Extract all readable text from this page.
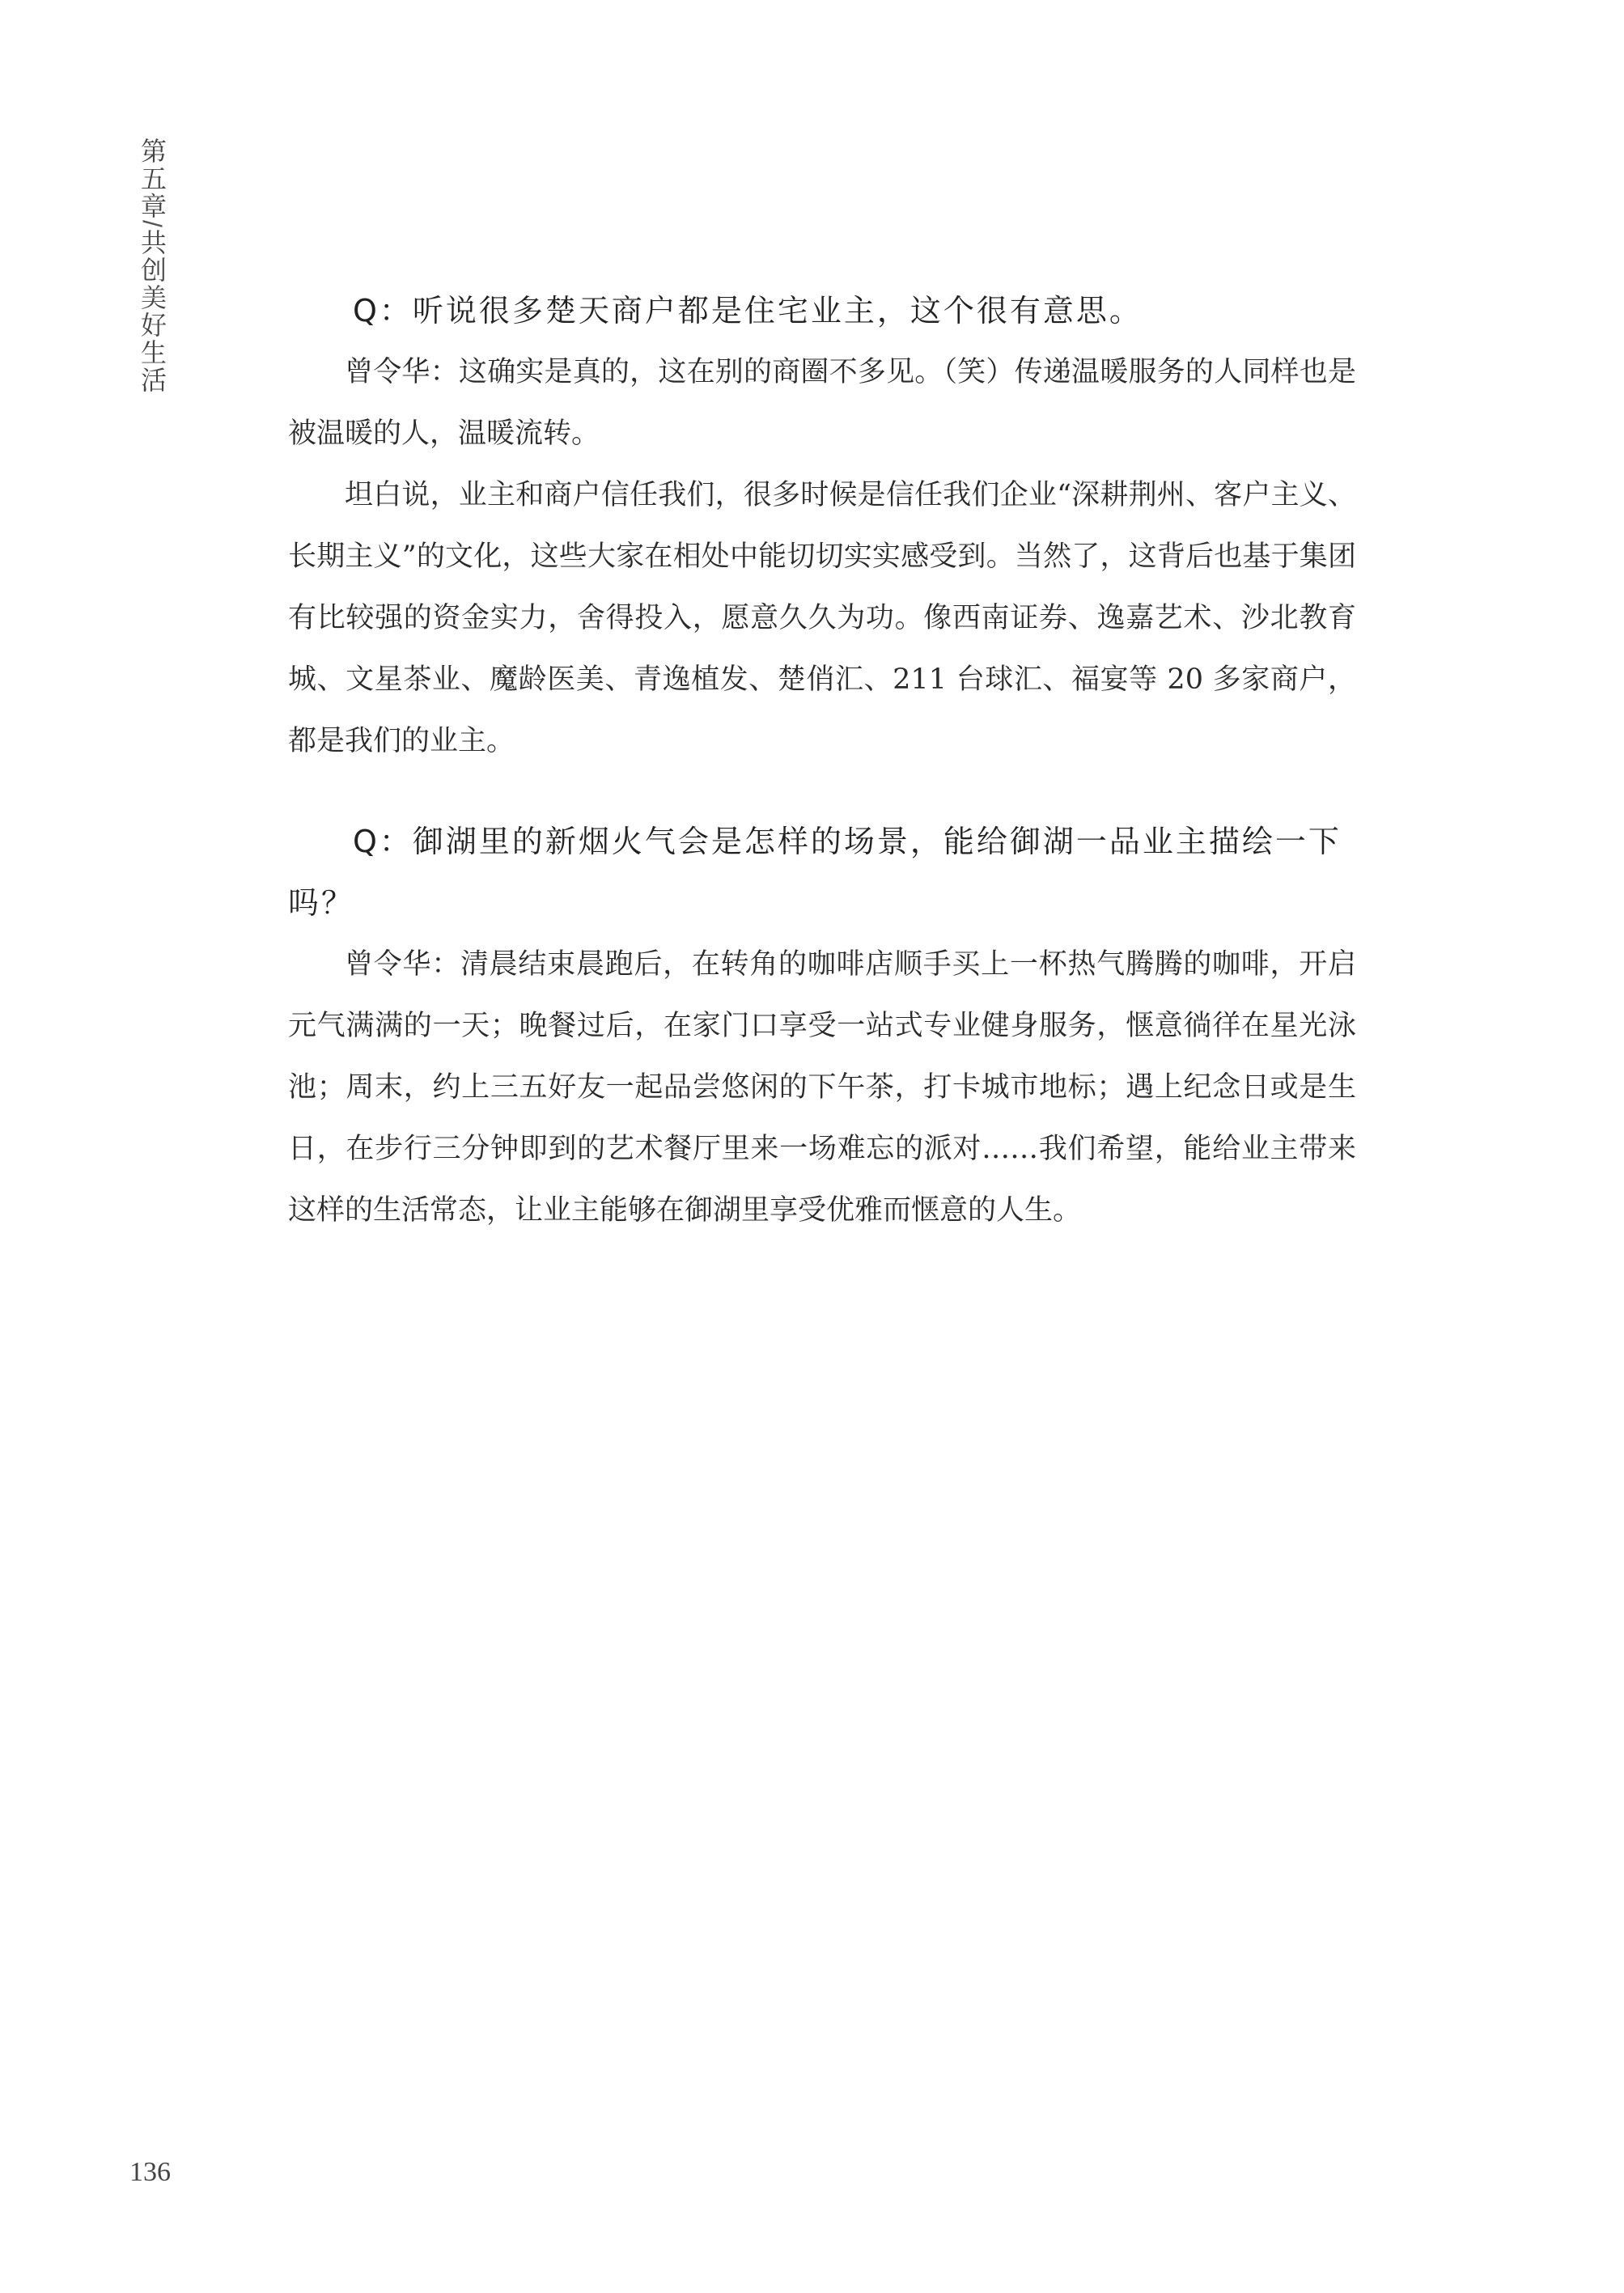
第五章/共创美好生活	Q：听说很多楚天商户都是住宅业主，这个很有意思。

曾令华：这确实是真的，这在别的商圈不多见。（笑）传递温暖服务的人同样也是被温暖的人，温暖流转。

坦白说，业主和商户信任我们，很多时候是信任我们企业“深耕荆州、客户主义、长期主义”的文化，这些大家在相处中能切切实实感受到。当然了，这背后也基于集团有比较强的资金实力，舍得投入，愿意久久为功。像西南证券、逸嘉艺术、沙北教育城、文星茶业、魔龄医美、青逸植发、楚俏汇、211 台球汇、福宴等 20 多家商户，都是我们的业主。

Q：御湖里的新烟火气会是怎样的场景，能给御湖一品业主描绘一下吗？

曾令华：清晨结束晨跑后，在转角的咖啡店顺手买上一杯热气腾腾的咖啡，开启元气满满的一天；晚餐过后，在家门口享受一站式专业健身服务，惬意徜徉在星光泳池；周末，约上三五好友一起品尝悠闲的下午茶，打卡城市地标；遇上纪念日或是生日，在步行三分钟即到的艺术餐厅里来一场难忘的派对……我们希望，能给业主带来这样的生活常态，让业主能够在御湖里享受优雅而惬意的人生。

136
